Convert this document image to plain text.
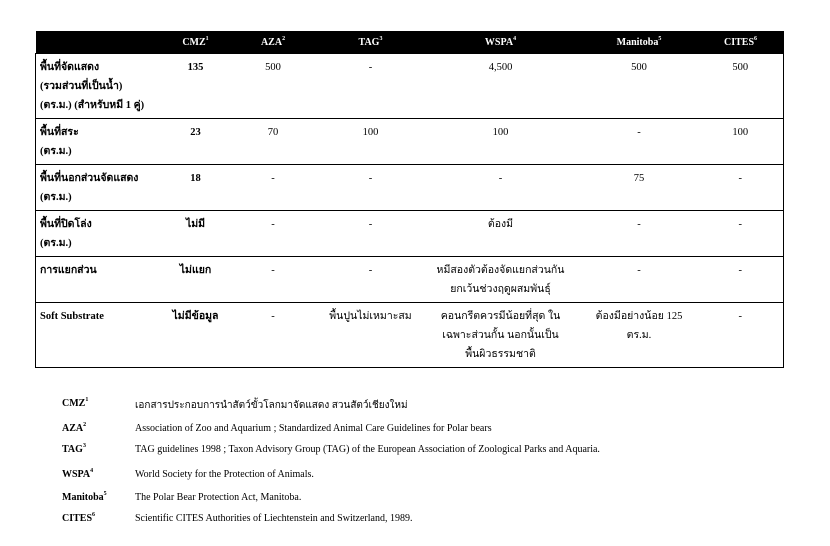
	CMZ$^1$	AZA$^2$	TAG$^3$	WSPA$^4$	Manitoba$^5$	CITES$^6$

พื้นที่จัดแสดง
(รวมส่วนที่เป็นน้ำ)
(ตร.ม.) (สำหรับหมี 1 คู่)	135	500	-	4,500	500	500

พื้นที่สระ
(ตร.ม.)	23	70	100	100	-	100

พื้นที่นอกส่วนจัดแสดง
(ตร.ม.)	18	-	-	-	75	-

พื้นที่ปิดโล่ง
(ตร.ม.)	ไม่มี	-	-	ต้องมี	-	-

การแยกส่วน	ไม่แยก	-	-	หมีสองตัวต้องจัดแยกส่วนกัน
ยกเว้นช่วงฤดูผสมพันธุ์	-	-

Soft Substrate	ไม่มีข้อมูล	-	พื้นปูนไม่เหมาะสม	คอนกรีตควรมีน้อยที่สุด ใน
เฉพาะส่วนกั้น นอกนั้นเป็น
พื้นผิวธรรมชาติ	ต้องมีอย่างน้อย 125 ตร.ม.	-
CMZ$^1$	เอกสารประกอบการนำสัตว์ขั้วโลกมาจัดแสดง สวนสัตว์เชียงใหม่
AZA$^2$	Association of Zoo and Aquarium ; Standardized Animal Care Guidelines for Polar bears
TAG$^3$	TAG guidelines 1998 ; Taxon Advisory Group (TAG) of the European Association of Zoological Parks and Aquaria.
WSPA$^4$	World Society for the Protection of Animals.
Manitoba$^5$	The Polar Bear Protection Act, Manitoba.
CITES$^6$	Scientific CITES Authorities of Liechtenstein and Switzerland, 1989.
